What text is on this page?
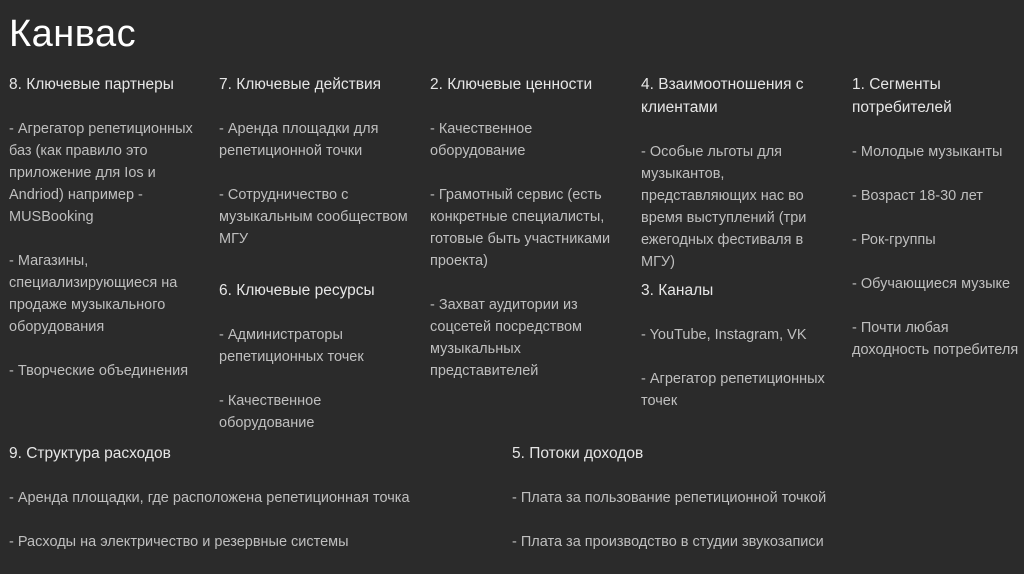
Канвас

8. Ключевые партнеры

- Агрегатор репетиционных баз (как правило это приложение для Ios и Andriod) например - MUSBooking

- Магазины, специализирующиеся на продаже музыкального оборудования

- Творческие объединения

7. Ключевые действия

- Аренда площадки для репетиционной точки

- Сотрудничество с музыкальным сообществом МГУ

6. Ключевые ресурсы

- Администраторы репетиционных точек

- Качественное оборудование

2. Ключевые ценности

- Качественное оборудование

- Грамотный сервис (есть конкретные специалисты, готовые быть участниками проекта)

- Захват аудитории из соцсетей посредством музыкальных представителей

4. Взаимоотношения с клиентами

- Особые льготы для музыкантов, представляющих нас во время выступлений (три ежегодных фестиваля в МГУ)

3. Каналы

- YouTube, Instagram, VK

- Агрегатор репетиционных точек

1. Сегменты потребителей

- Молодые музыканты

- Возраст 18-30 лет

- Рок-группы

- Обучающиеся музыке

- Почти любая доходность потребителя

9. Структура расходов

- Аренда площадки, где расположена репетиционная точка

- Расходы на электричество и резервные системы

5. Потоки доходов

- Плата за пользование репетиционной точкой

- Плата за производство в студии звукозаписи
